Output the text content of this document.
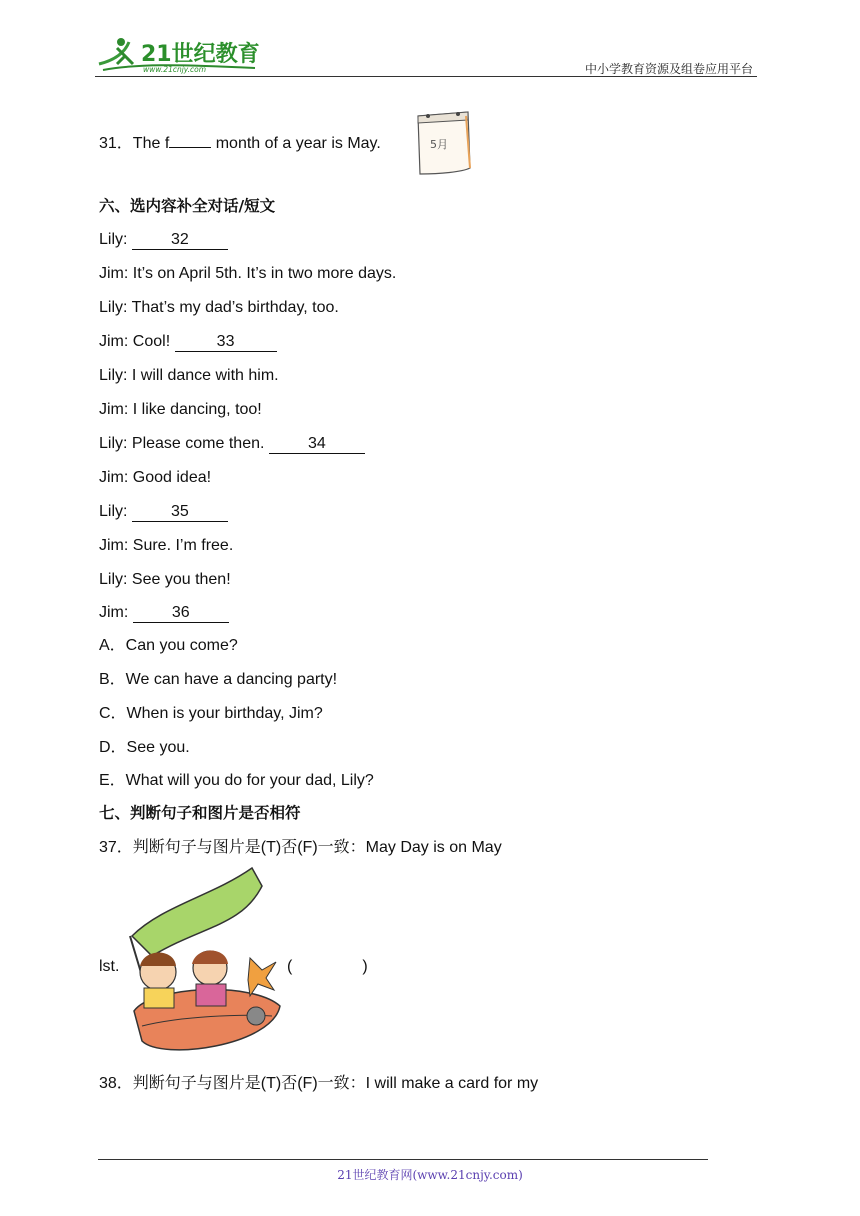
21世纪教育
www.21cnjy.com	中小学教育资源及组卷应用平台
31．The f	month of a year is May.	5月
六、选内容补全对话/短文
Lily: 32
Jim: It’s on April 5th. It’s in two more days.
Lily: That’s my dad’s birthday, too.
Jim: Cool!	33
Lily: I will dance with him.
Jim: I like dancing, too!
Lily: Please come then. 34
Jim: Good idea!
Lily: 35
Jim: Sure. I’m free.
Lily: See you then!
Jim: 36
A．Can you come?
B．We can have a dancing party!
C．When is your birthday, Jim?
D．See you.
E．What will you do for your dad, Lily?
七、判断句子和图片是否相符
37．判断句子与图片是(T)否(F)一致：May Day is on May
lst.	(	)
38．判断句子与图片是(T)否(F)一致：I will make a card for my
21世纪教育网(www.21cnjy.com)
